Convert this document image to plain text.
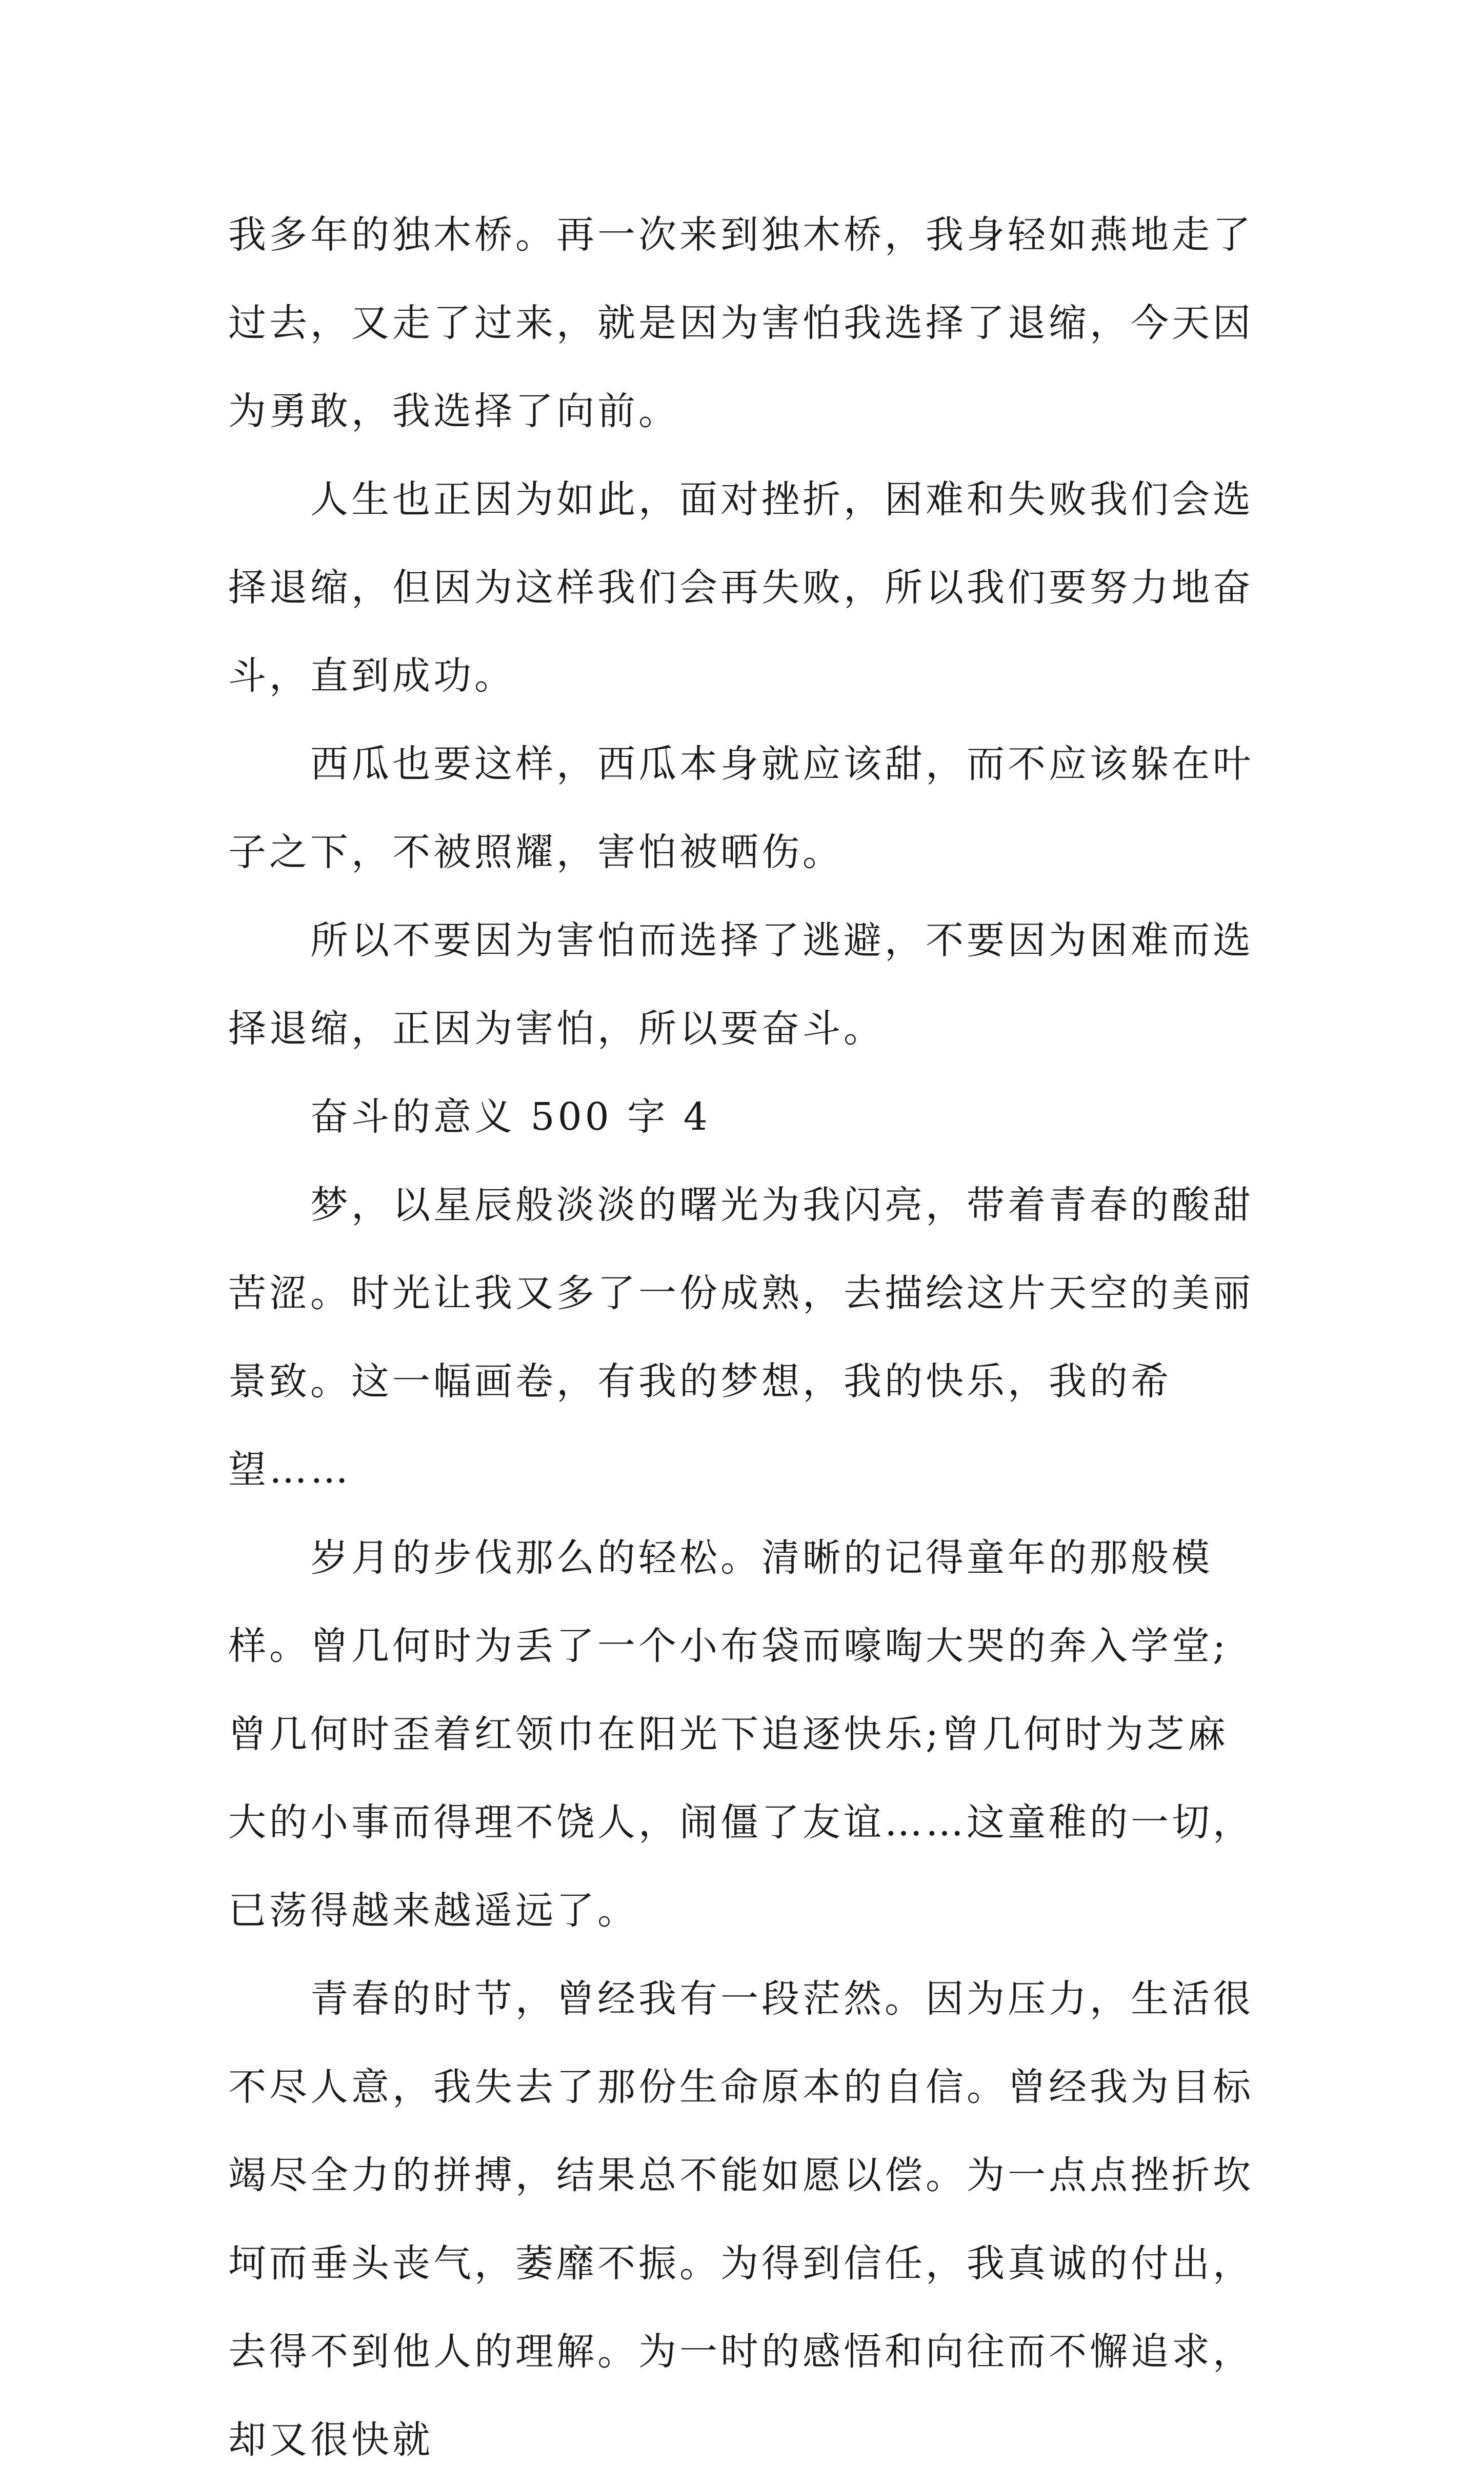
我多年的独木桥。再一次来到独木桥，我身轻如燕地走了过去，又走了过来，就是因为害怕我选择了退缩，今天因为勇敢，我选择了向前。

人生也正因为如此，面对挫折，困难和失败我们会选择退缩，但因为这样我们会再失败，所以我们要努力地奋斗，直到成功。

西瓜也要这样，西瓜本身就应该甜，而不应该躲在叶子之下，不被照耀，害怕被晒伤。

所以不要因为害怕而选择了逃避，不要因为困难而选择退缩，正因为害怕，所以要奋斗。

奋斗的意义 500 字 4

梦，以星辰般淡淡的曙光为我闪亮，带着青春的酸甜苦涩。时光让我又多了一份成熟，去描绘这片天空的美丽景致。这一幅画卷，有我的梦想，我的快乐，我的希望……

岁月的步伐那么的轻松。清晰的记得童年的那般模样。曾几何时为丢了一个小布袋而嚎啕大哭的奔入学堂;曾几何时歪着红领巾在阳光下追逐快乐;曾几何时为芝麻大的小事而得理不饶人，闹僵了友谊……这童稚的一切，已荡得越来越遥远了。

青春的时节，曾经我有一段茫然。因为压力，生活很不尽人意，我失去了那份生命原本的自信。曾经我为目标竭尽全力的拼搏，结果总不能如愿以偿。为一点点挫折坎坷而垂头丧气，萎靡不振。为得到信任，我真诚的付出，去得不到他人的理解。为一时的感悟和向往而不懈追求，却又很快就
